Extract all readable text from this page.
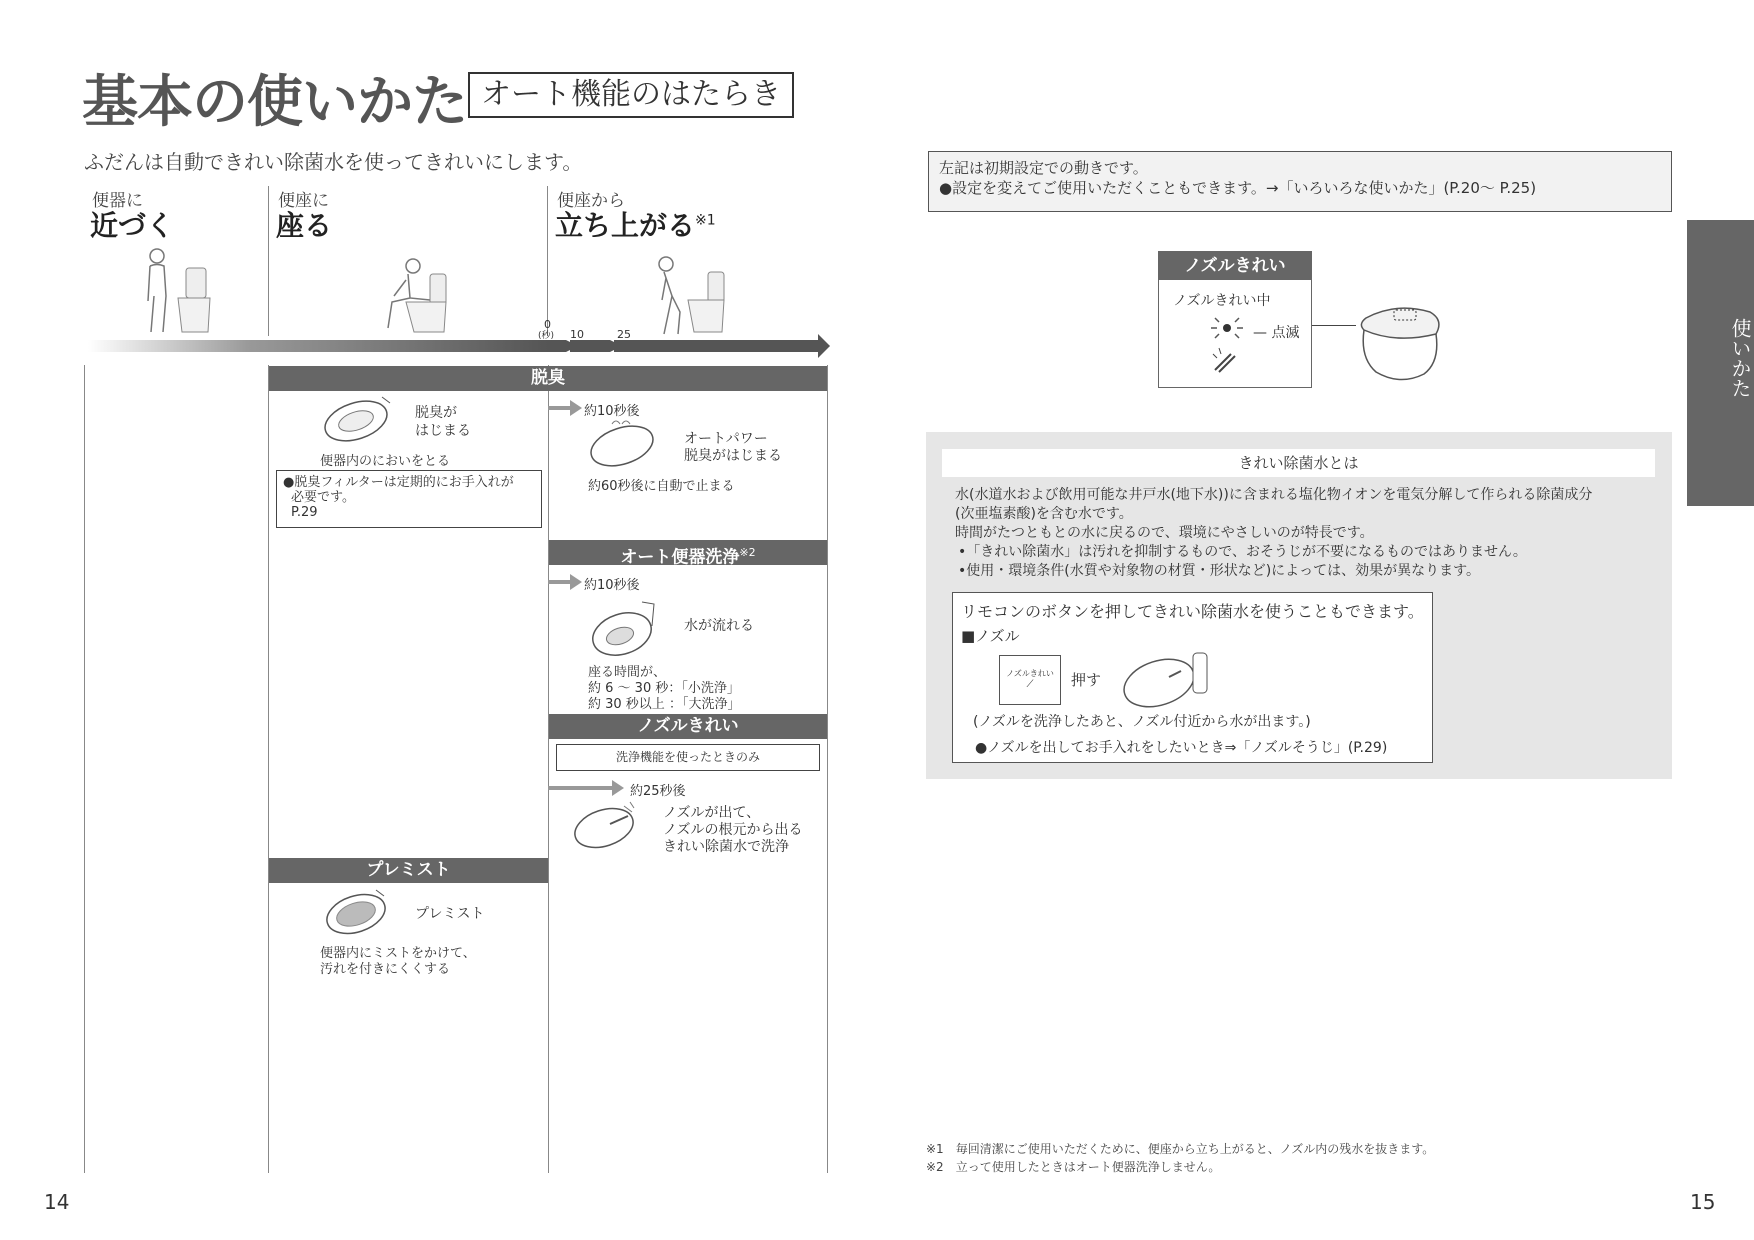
基本の使いかた オート機能のはたらき
ふだんは自動できれい除菌水を使ってきれいにします。
便器に
近づく
便座に
座る
便座から
立ち上がる$^{※1}$
0
(秒) 10	25
脱臭
脱臭が
はじまる
便器内のにおいをとる
●脱臭フィルターは定期的にお手入れが
必要です。
P.29
約10秒後
オートパワー
脱臭がはじまる
約60秒後に自動で止まる
オート便器洗浄$^{※2}$
約10秒後
水が流れる
座る時間が、
約 6 ～ 30 秒：「小洗浄」
約 30 秒以上 ：「大洗浄」
ノズルきれい
洗浄機能を使ったときのみ
約25秒後
ノズルが出て、
ノズルの根元から出る
きれい除菌水で洗浄
プレミスト
プレミスト
便器内にミストをかけて、
汚れを付きにくくする
14
左記は初期設定での動きです。
●設定を変えてご使用いただくこともできます。→「いろいろな使いかた」(P.20～ P.25)
ノズルきれい
ノズルきれい中
— 点滅
きれい除菌水とは
水(水道水および飲用可能な井戸水(地下水))に含まれる塩化物イオンを電気分解して作られる除菌成分
(次亜塩素酸)を含む水です。
時間がたつともとの水に戻るので、環境にやさしいのが特長です。
•「きれい除菌水」は汚れを抑制するもので、おそうじが不要になるものではありません。
•使用・環境条件(水質や対象物の材質・形状など)によっては、効果が異なります。
リモコンのボタンを押してきれい除菌水を使うこともできます。
■ノズル
ノズルきれい
⟋	押す
(ノズルを洗浄したあと、ノズル付近から水が出ます。)
●ノズルを出してお手入れをしたいとき⇒「ノズルそうじ」(P.29)
使いかた
※1　毎回清潔にご使用いただくために、便座から立ち上がると、ノズル内の残水を抜きます。
※2　立って使用したときはオート便器洗浄しません。
15
